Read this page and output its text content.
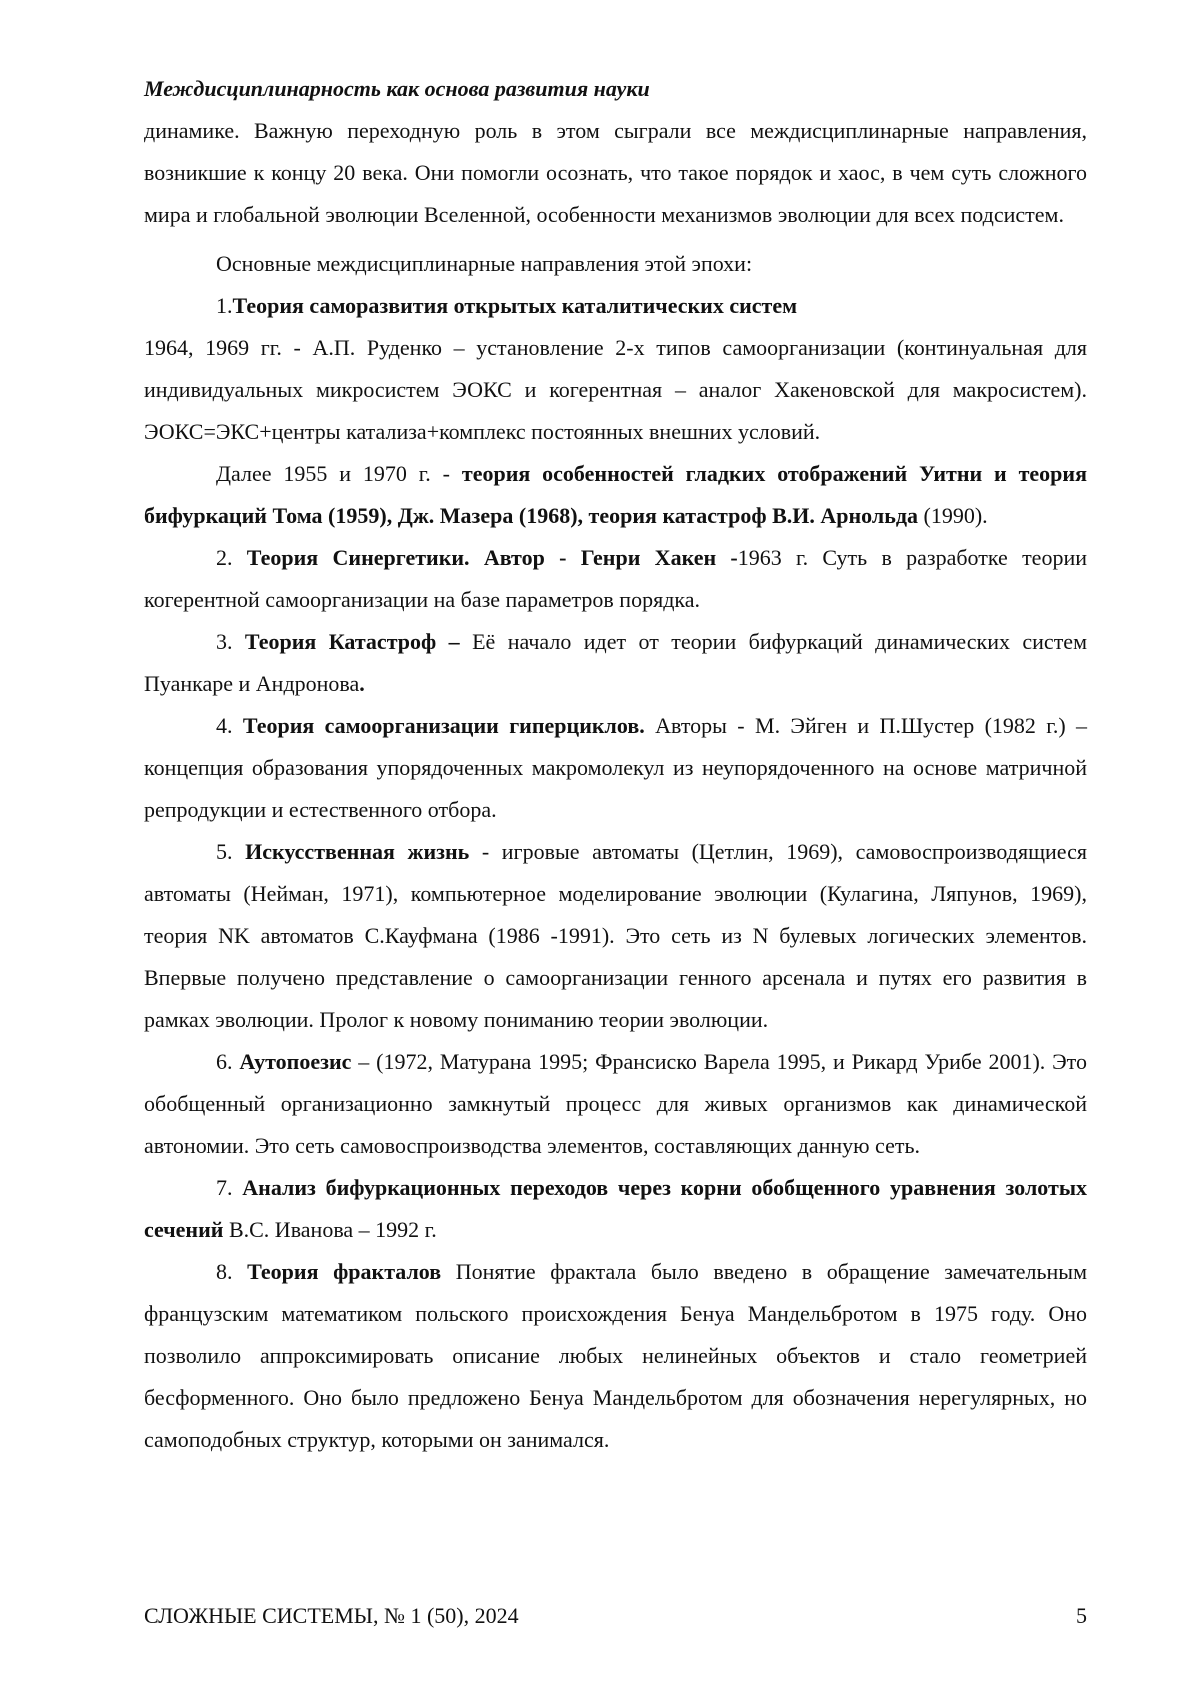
Междисциплинарность как основа развития науки

динамике. Важную переходную роль в этом сыграли все междисциплинарные направления, возникшие к концу 20 века. Они помогли осознать, что такое порядок и хаос, в чем суть сложного мира и глобальной эволюции Вселенной, особенности механизмов эволюции для всех подсистем.

Основные междисциплинарные направления этой эпохи:

1.Теория саморазвития открытых каталитических систем

1964, 1969 гг. - А.П. Руденко – установление 2-х типов самоорганизации (континуальная для индивидуальных микросистем ЭОКС и когерентная – аналог Хакеновской для макросистем). ЭОКС=ЭКС+центры катализа+комплекс постоянных внешних условий.

Далее 1955 и 1970 г. - теория особенностей гладких отображений Уитни и теория бифуркаций Тома (1959), Дж. Мазера (1968), теория катастроф В.И. Арнольда (1990).

2. Теория Синергетики. Автор - Генри Хакен -1963 г. Суть в разработке теории когерентной самоорганизации на базе параметров порядка.

3. Теория Катастроф – Её начало идет от теории бифуркаций динамических систем Пуанкаре и Андронова.

4. Теория самоорганизации гиперциклов. Авторы - М. Эйген и П.Шустер (1982 г.) – концепция образования упорядоченных макромолекул из неупорядоченного на основе матричной репродукции и естественного отбора.

5. Искусственная жизнь - игровые автоматы (Цетлин, 1969), самовоспроизводящиеся автоматы (Нейман, 1971), компьютерное моделирование эволюции (Кулагина, Ляпунов, 1969), теория NK автоматов С.Кауфмана (1986 -1991). Это сеть из N булевых логических элементов. Впервые получено представление о самоорганизации генного арсенала и путях его развития в рамках эволюции. Пролог к новому пониманию теории эволюции.

6. Аутопоезис – (1972, Матурана 1995; Франсиско Варела 1995, и Рикард Урибе 2001). Это обобщенный организационно замкнутый процесс для живых организмов как динамической автономии. Это сеть самовоспроизводства элементов, составляющих данную сеть.

7. Анализ бифуркационных переходов через корни обобщенного уравнения золотых сечений В.С. Иванова – 1992 г.

8. Теория фракталов Понятие фрактала было введено в обращение замечательным французским математиком польского происхождения Бенуа Мандельбротом в 1975 году. Оно позволило аппроксимировать описание любых нелинейных объектов и стало геометрией бесформенного. Оно было предложено Бенуа Мандельбротом для обозначения нерегулярных, но самоподобных структур, которыми он занимался.

СЛОЖНЫЕ СИСТЕМЫ, № 1 (50), 2024	5
